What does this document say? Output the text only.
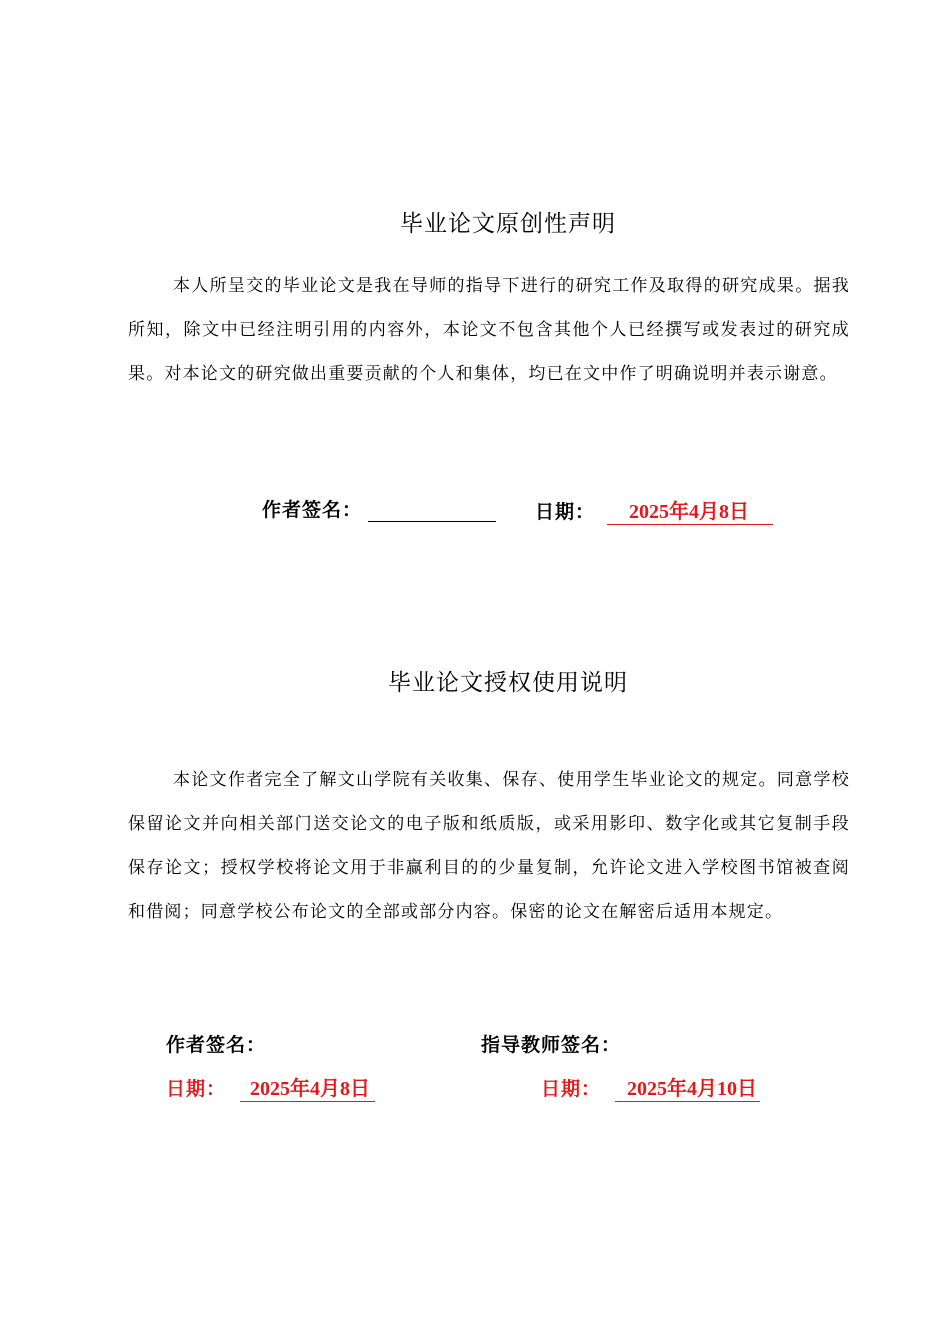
毕业论文原创性声明
本人所呈交的毕业论文是我在导师的指导下进行的研究工作及取得的研究成果。据我所知，除文中已经注明引用的内容外，本论文不包含其他个人已经撰写或发表过的研究成果。对本论文的研究做出重要贡献的个人和集体，均已在文中作了明确说明并表示谢意。
作者签名：	日期： 2025年4月8日
毕业论文授权使用说明
本论文作者完全了解文山学院有关收集、保存、使用学生毕业论文的规定。同意学校保留论文并向相关部门送交论文的电子版和纸质版，或采用影印、数字化或其它复制手段保存论文；授权学校将论文用于非赢利目的的少量复制，允许论文进入学校图书馆被查阅和借阅；同意学校公布论文的全部或部分内容。保密的论文在解密后适用本规定。
作者签名：	指导教师签名：
日期： 2025年4月8日	日期： 2025年4月10日
